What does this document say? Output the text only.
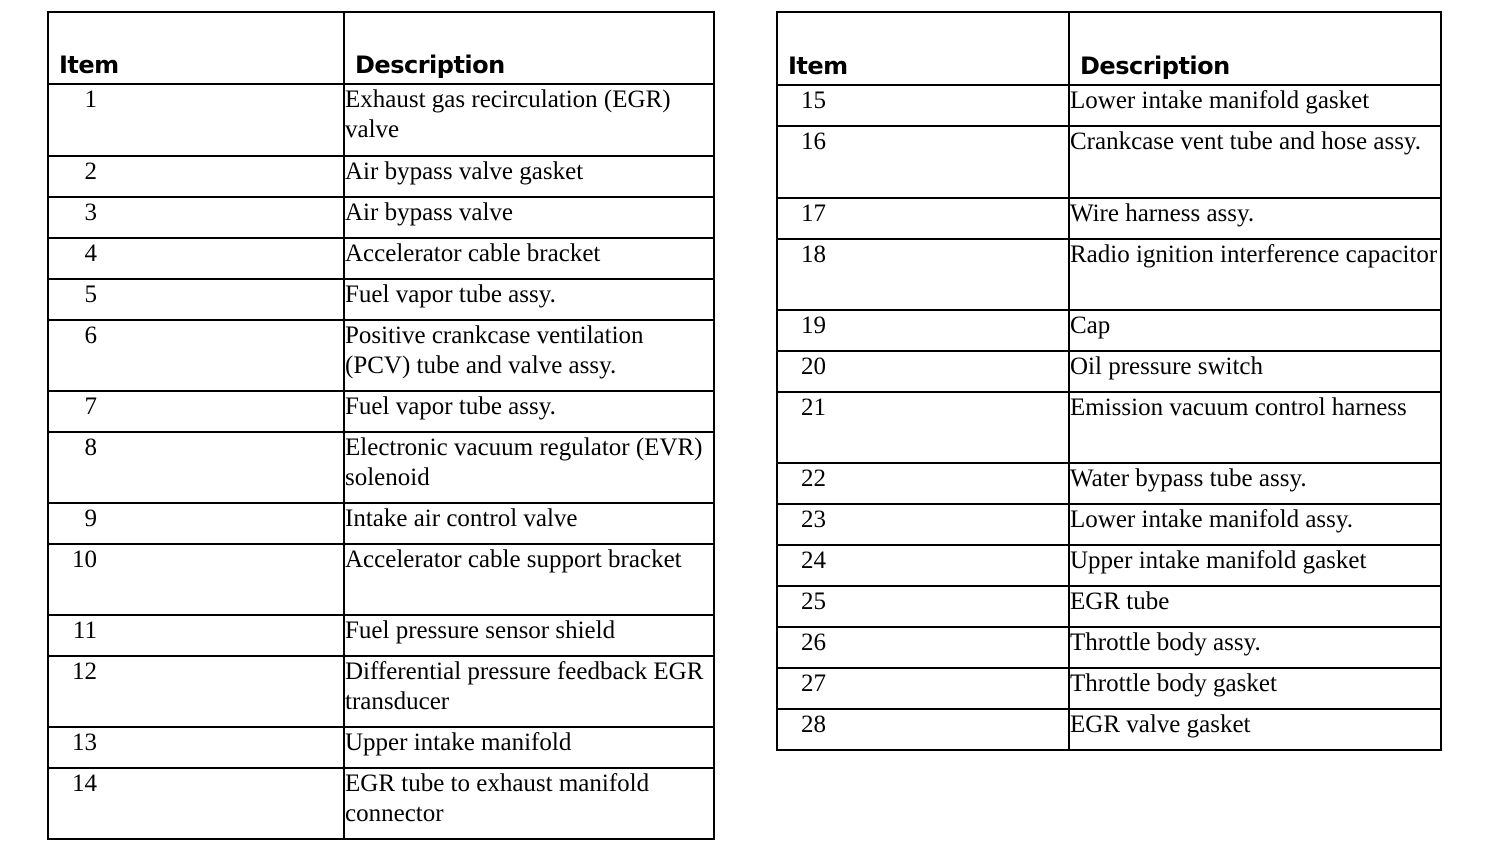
Item	Description
1	Exhaust gas recirculation (EGR) valve
2	Air bypass valve gasket
3	Air bypass valve
4	Accelerator cable bracket
5	Fuel vapor tube assy.
6	Positive crankcase ventilation (PCV) tube and valve assy.
7	Fuel vapor tube assy.
8	Electronic vacuum regulator (EVR) solenoid
9	Intake air control valve
10	Accelerator cable support bracket
11	Fuel pressure sensor shield
12	Differential pressure feedback EGR transducer
13	Upper intake manifold
14	EGR tube to exhaust manifold connector
Item	Description
15	Lower intake manifold gasket
16	Crankcase vent tube and hose assy.
17	Wire harness assy.
18	Radio ignition interference capacitor
19	Cap
20	Oil pressure switch
21	Emission vacuum control harness
22	Water bypass tube assy.
23	Lower intake manifold assy.
24	Upper intake manifold gasket
25	EGR tube
26	Throttle body assy.
27	Throttle body gasket
28	EGR valve gasket
